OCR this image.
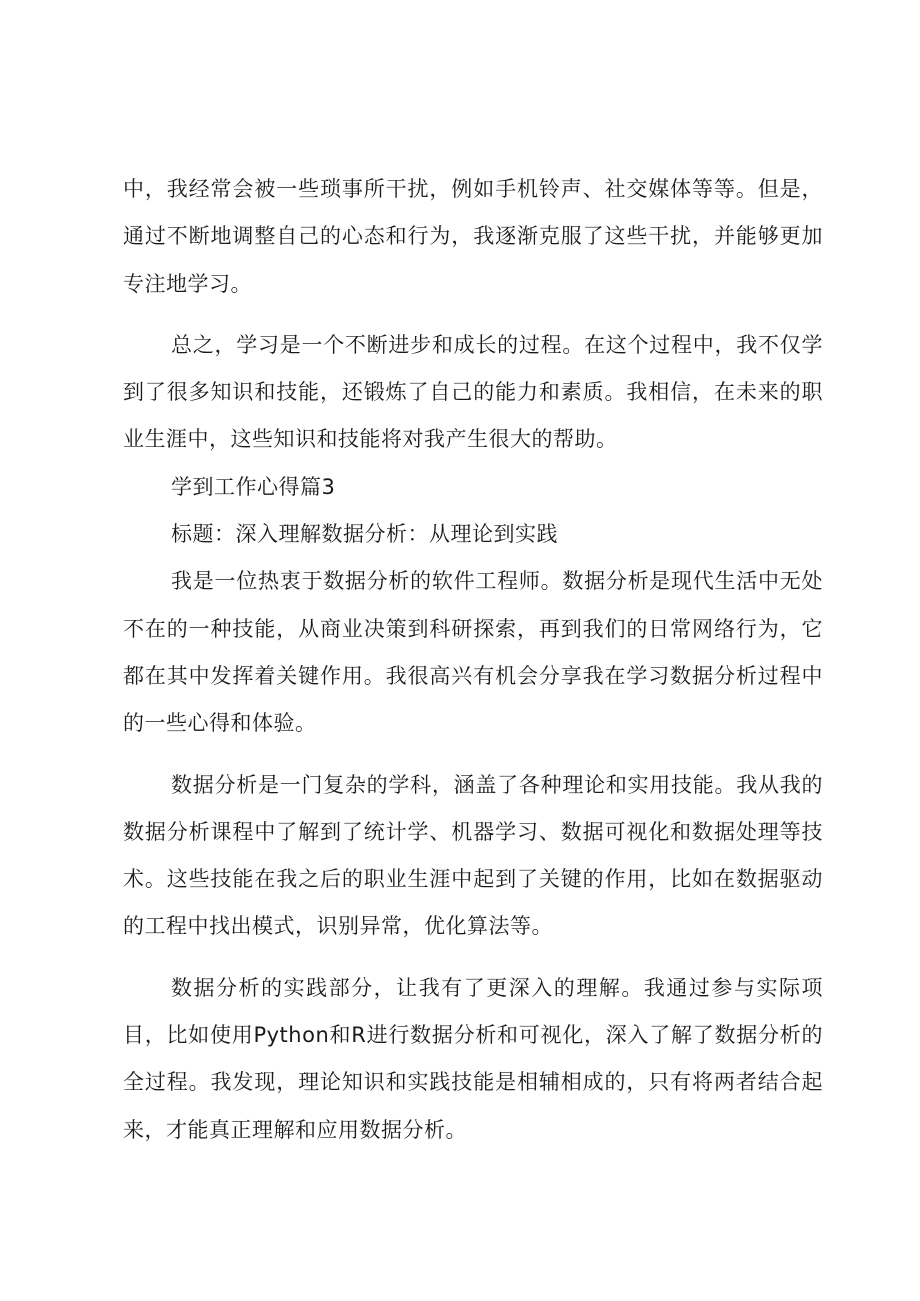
中，我经常会被一些琐事所干扰，例如手机铃声、社交媒体等等。但是，通过不断地调整自己的心态和行为，我逐渐克服了这些干扰，并能够更加专注地学习。

总之，学习是一个不断进步和成长的过程。在这个过程中，我不仅学到了很多知识和技能，还锻炼了自己的能力和素质。我相信，在未来的职业生涯中，这些知识和技能将对我产生很大的帮助。

学到工作心得篇3

标题：深入理解数据分析：从理论到实践

我是一位热衷于数据分析的软件工程师。数据分析是现代生活中无处不在的一种技能，从商业决策到科研探索，再到我们的日常网络行为，它都在其中发挥着关键作用。我很高兴有机会分享我在学习数据分析过程中的一些心得和体验。

数据分析是一门复杂的学科，涵盖了各种理论和实用技能。我从我的数据分析课程中了解到了统计学、机器学习、数据可视化和数据处理等技术。这些技能在我之后的职业生涯中起到了关键的作用，比如在数据驱动的工程中找出模式，识别异常，优化算法等。

数据分析的实践部分，让我有了更深入的理解。我通过参与实际项目，比如使用Python和R进行数据分析和可视化，深入了解了数据分析的全过程。我发现，理论知识和实践技能是相辅相成的，只有将两者结合起来，才能真正理解和应用数据分析。
